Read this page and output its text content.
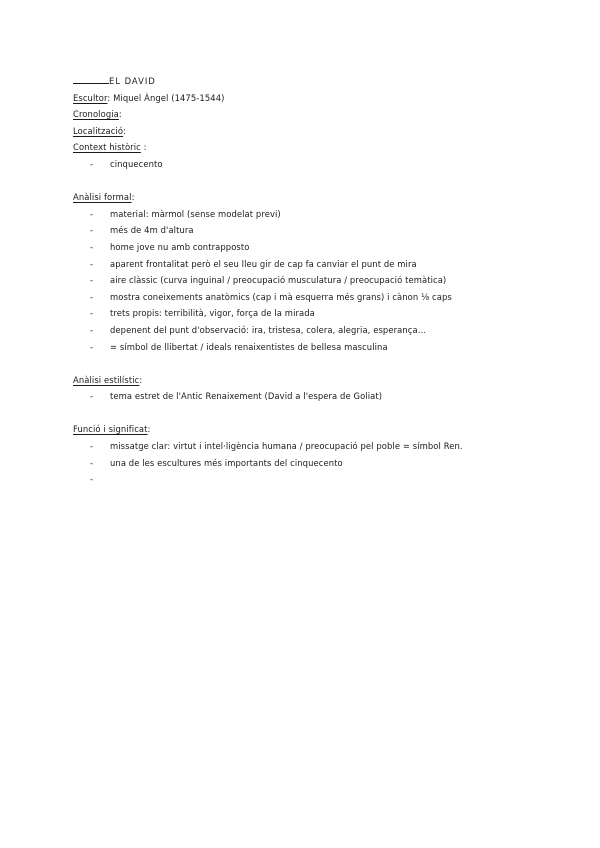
EL DAVID
Escultor: Miquel Àngel (1475-1544)
Cronologia:
Localització:
Context històric :
- cinquecento
Anàlisi formal:
- material: màrmol (sense modelat previ)
- més de 4m d'altura
- home jove nu amb contrapposto
- aparent frontalitat però el seu lleu gir de cap fa canviar el punt de mira
- aire clàssic (curva inguinal / preocupació musculatura / preocupació temàtica)
- mostra coneixements anatòmics (cap i mà esquerra més grans) i cànon ⅛ caps
- trets propis: terribilità, vigor, força de la mirada
- depenent del punt d'observació: ira, tristesa, colera, alegria, esperança…
- = símbol de llibertat / ideals renaixentistes de bellesa masculina
Anàlisi estilístic:
- tema estret de l'Antic Renaixement (David a l'espera de Goliat)
Funció i significat:
- missatge clar: virtut i intel·ligència humana / preocupació pel poble = símbol Ren.
- una de les escultures més importants del cinquecento
-
